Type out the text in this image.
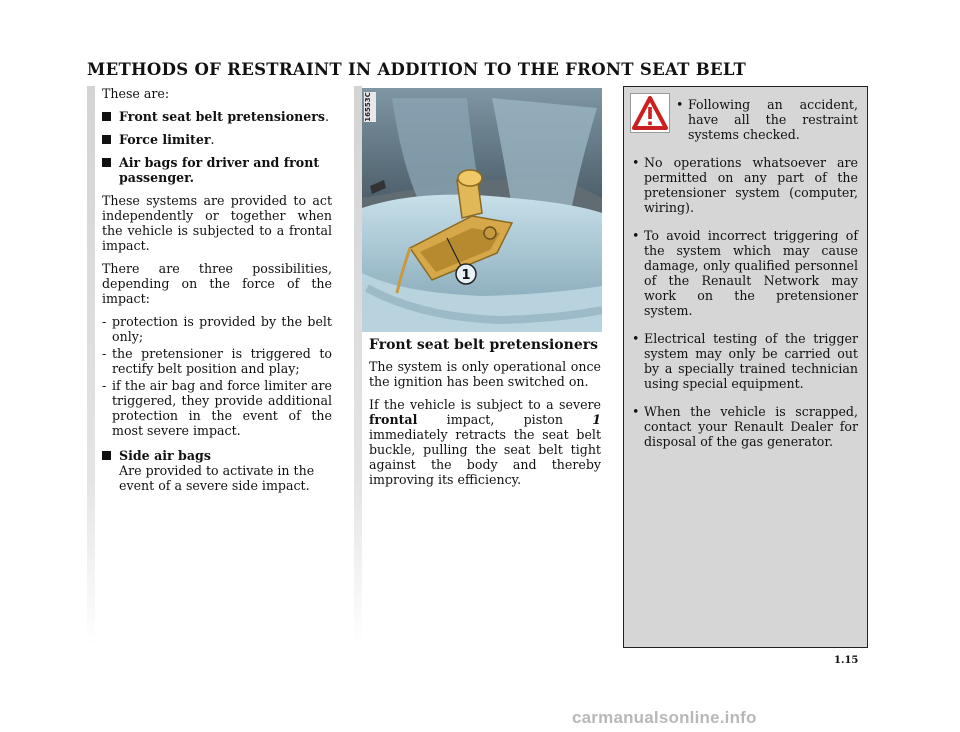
METHODS OF RESTRAINT IN ADDITION TO THE FRONT SEAT BELT

These are:

Front seat belt pretensioners.
Force limiter.
Air bags for driver and front passenger.

These systems are provided to act independently or together when the vehicle is subjected to a frontal impact.

There are three possibilities, depending on the force of the impact:

- protection is provided by the belt only;
- the pretensioner is triggered to rectify belt position and play;
- if the air bag and force limiter are triggered, they provide additional protection in the event of the most severe impact.
Side air bags
Are provided to activate in the event of a severe side impact.
16553C
1
Front seat belt pretensioners

The system is only operational once the ignition has been switched on.

If the vehicle is subject to a severe frontal impact, piston 1 immediately retracts the seat belt buckle, pulling the seat belt tight against the body and thereby improving its efficiency.

• Following an accident, have all the restraint systems checked.
• No operations whatsoever are permitted on any part of the pretensioner system (computer, wiring).
• To avoid incorrect triggering of the system which may cause damage, only qualified personnel of the Renault Network may work on the pretensioner system.
• Electrical testing of the trigger system may only be carried out by a specially trained technician using special equipment.
• When the vehicle is scrapped, contact your Renault Dealer for disposal of the gas generator.
1.15
carmanualsonline.info
